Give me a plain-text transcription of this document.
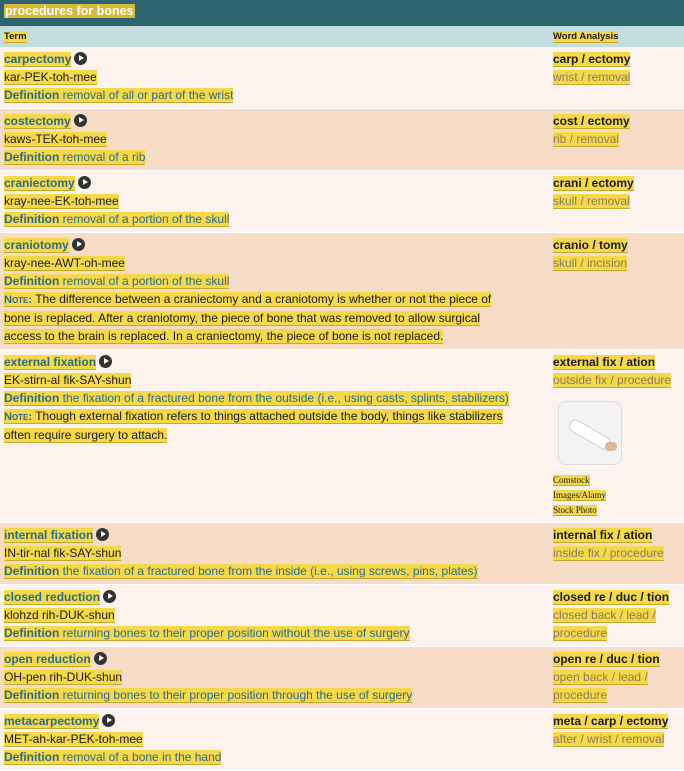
procedures for bones
Term	Word Analysis
carpectomy
kar-PEK-toh-mee
Definition removal of all or part of the wrist
carp / ectomy
wrist / removal
costectomy
kaws-TEK-toh-mee
Definition removal of a rib
cost / ectomy
rib / removal
craniectomy
kray-nee-EK-toh-mee
Definition removal of a portion of the skull
crani / ectomy
skull / removal
craniotomy
kray-nee-AWT-oh-mee
Definition removal of a portion of the skull
Note: The difference between a craniectomy and a craniotomy is whether or not the piece of
bone is replaced. After a craniotomy, the piece of bone that was removed to allow surgical
access to the brain is replaced. In a craniectomy, the piece of bone is not replaced.
cranio / tomy
skull / incision
external fixation
EK-stirn-al fik-SAY-shun
Definition the fixation of a fractured bone from the outside (i.e., using casts, splints, stabilizers)
Note: Though external fixation refers to things attached outside the body, things like stabilizers
often require surgery to attach.
external fix / ation
outside fix / procedure
Comstock
Images/Alamy
Stock Photo
internal fixation
IN-tir-nal fik-SAY-shun
Definition the fixation of a fractured bone from the inside (i.e., using screws, pins, plates)
internal fix / ation
inside fix / procedure
closed reduction
klohzd rih-DUK-shun
Definition returning bones to their proper position without the use of surgery
closed re / duc / tion
closed back / lead /
procedure
open reduction
OH-pen rih-DUK-shun
Definition returning bones to their proper position through the use of surgery
open re / duc / tion
open back / lead /
procedure
metacarpectomy
MET-ah-kar-PEK-toh-mee
Definition removal of a bone in the hand
meta / carp / ectomy
after / wrist / removal
